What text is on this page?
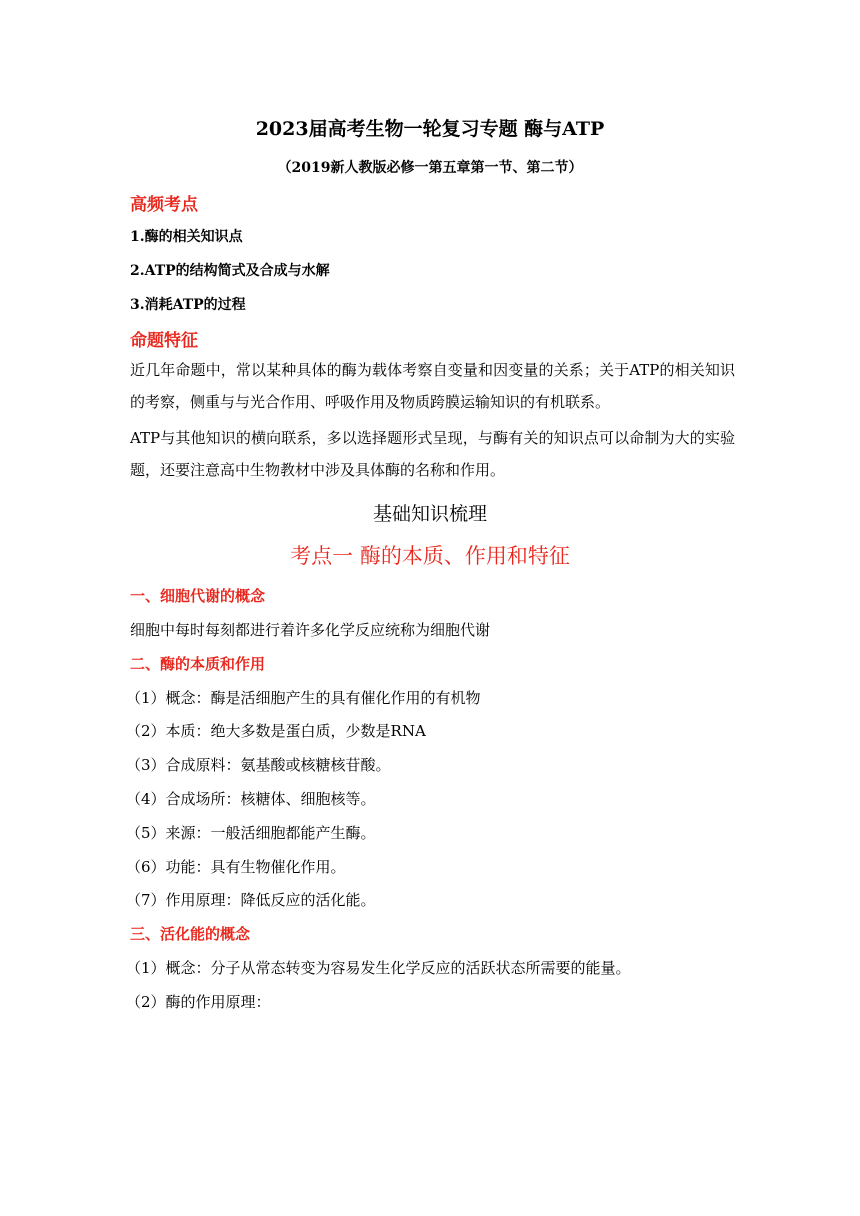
2023届高考生物一轮复习专题 酶与ATP
（2019新人教版必修一第五章第一节、第二节）
高频考点
1.酶的相关知识点
2.ATP的结构简式及合成与水解
3.消耗ATP的过程
命题特征
近几年命题中，常以某种具体的酶为载体考察自变量和因变量的关系；关于ATP的相关知识的考察，侧重与与光合作用、呼吸作用及物质跨膜运输知识的有机联系。
ATP与其他知识的横向联系，多以选择题形式呈现，与酶有关的知识点可以命制为大的实验题，还要注意高中生物教材中涉及具体酶的名称和作用。
基础知识梳理
考点一 酶的本质、作用和特征
一、细胞代谢的概念
细胞中每时每刻都进行着许多化学反应统称为细胞代谢
二、酶的本质和作用
（1）概念：酶是活细胞产生的具有催化作用的有机物
（2）本质：绝大多数是蛋白质，少数是RNA
（3）合成原料：氨基酸或核糖核苷酸。
（4）合成场所：核糖体、细胞核等。
（5）来源：一般活细胞都能产生酶。
（6）功能：具有生物催化作用。
（7）作用原理：降低反应的活化能。
三、活化能的概念
（1）概念：分子从常态转变为容易发生化学反应的活跃状态所需要的能量。
（2）酶的作用原理：
